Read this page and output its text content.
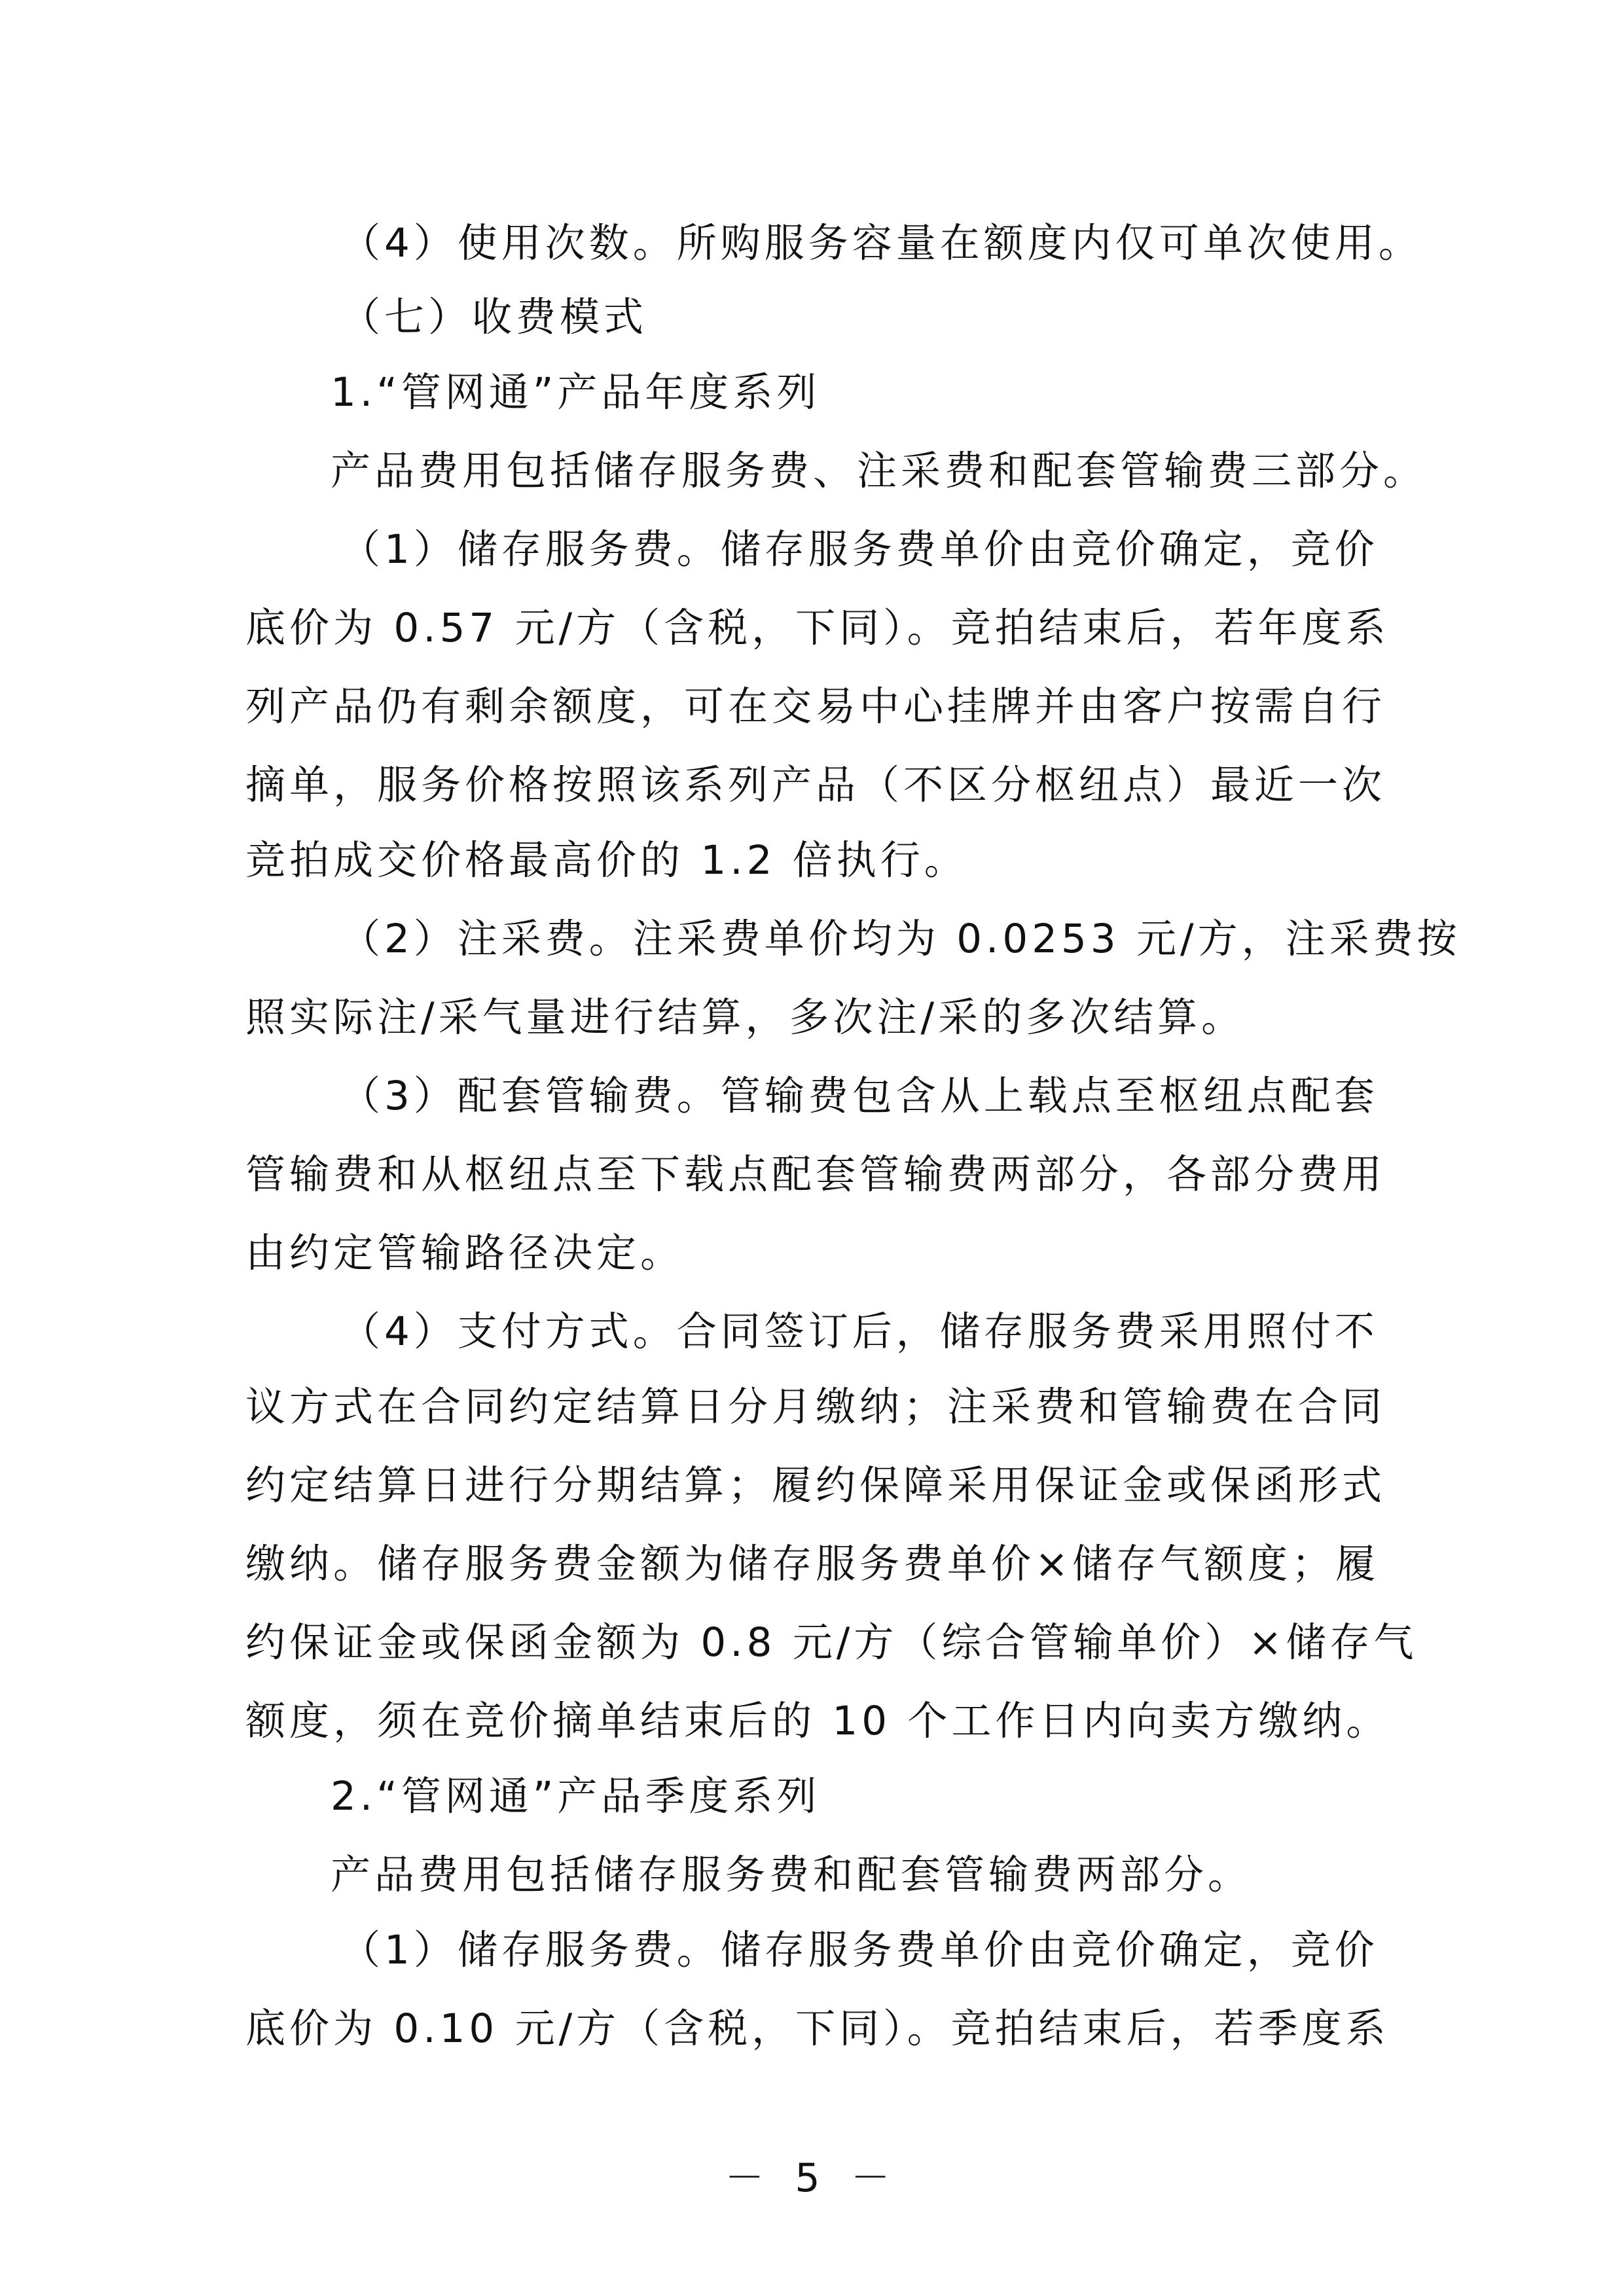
（4）使用次数。所购服务容量在额度内仅可单次使用。
（七）收费模式
1.“管网通”产品年度系列
产品费用包括储存服务费、注采费和配套管输费三部分。
（1）储存服务费。储存服务费单价由竞价确定，竞价
底价为 0.57 元/方（含税，下同）。竞拍结束后，若年度系
列产品仍有剩余额度，可在交易中心挂牌并由客户按需自行
摘单，服务价格按照该系列产品（不区分枢纽点）最近一次
竞拍成交价格最高价的 1.2 倍执行。
（2）注采费。注采费单价均为 0.0253 元/方，注采费按
照实际注/采气量进行结算，多次注/采的多次结算。
（3）配套管输费。管输费包含从上载点至枢纽点配套
管输费和从枢纽点至下载点配套管输费两部分，各部分费用
由约定管输路径决定。
（4）支付方式。合同签订后，储存服务费采用照付不
议方式在合同约定结算日分月缴纳；注采费和管输费在合同
约定结算日进行分期结算；履约保障采用保证金或保函形式
缴纳。储存服务费金额为储存服务费单价×储存气额度；履
约保证金或保函金额为 0.8 元/方（综合管输单价）×储存气
额度，须在竞价摘单结束后的 10 个工作日内向卖方缴纳。
2.“管网通”产品季度系列
产品费用包括储存服务费和配套管输费两部分。
（1）储存服务费。储存服务费单价由竞价确定，竞价
底价为 0.10 元/方（含税，下同）。竞拍结束后，若季度系
－ 5 －
